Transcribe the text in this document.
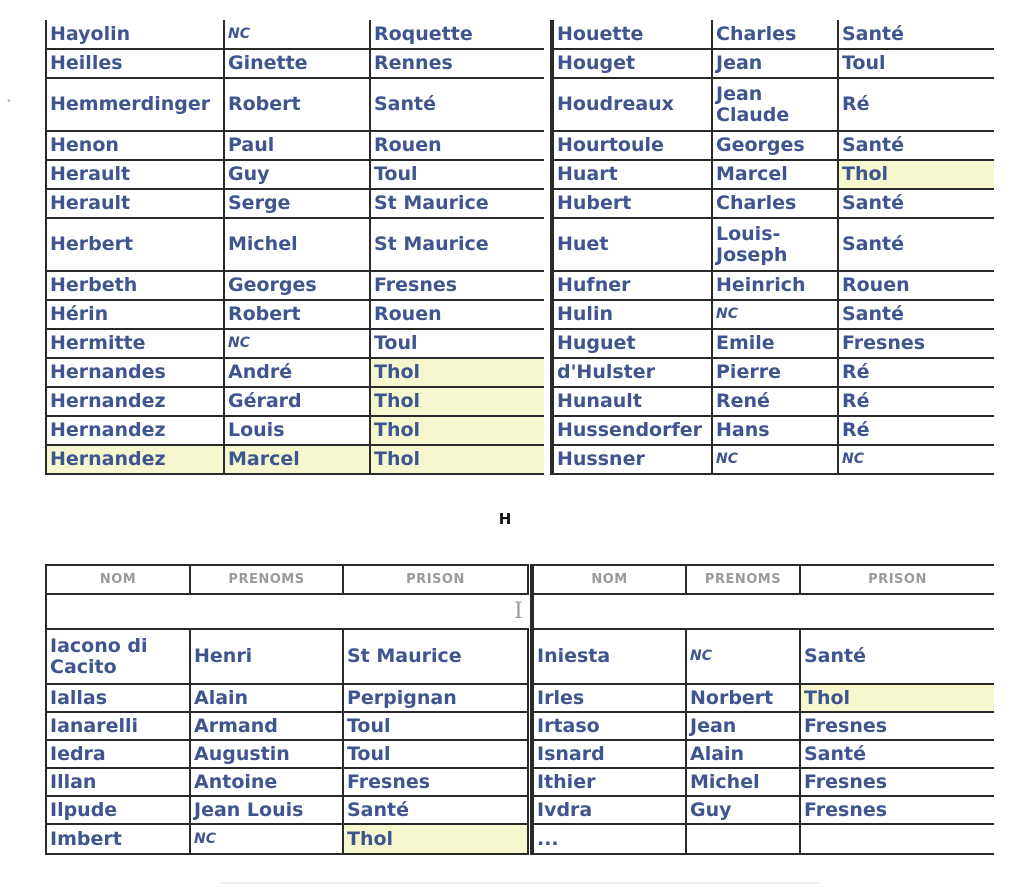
•
Hayolin	NC	Roquette
Heilles	Ginette	Rennes
Hemmerdinger	Robert	Santé
Henon	Paul	Rouen
Herault	Guy	Toul
Herault	Serge	St Maurice
Herbert	Michel	St Maurice
Herbeth	Georges	Fresnes
Hérin	Robert	Rouen
Hermitte	NC	Toul
Hernandes	André	Thol
Hernandez	Gérard	Thol
Hernandez	Louis	Thol
Hernandez	Marcel	Thol
Houette	Charles	Santé
Houget	Jean	Toul
Houdreaux	Jean Claude	Ré
Hourtoule	Georges	Santé
Huart	Marcel	Thol
Hubert	Charles	Santé
Huet	Louis-Joseph	Santé
Hufner	Heinrich	Rouen
Hulin	NC	Santé
Huguet	Emile	Fresnes
d'Hulster	Pierre	Ré
Hunault	René	Ré
Hussendorfer	Hans	Ré
Hussner	NC	NC
H
NOM	PRENOMS	PRISON

Iacono di Cacito	Henri	St Maurice
Iallas	Alain	Perpignan
Ianarelli	Armand	Toul
Iedra	Augustin	Toul
Illan	Antoine	Fresnes
Ilpude	Jean Louis	Santé
Imbert	NC	Thol
NOM	PRENOMS	PRISON

Iniesta	NC	Santé
Irles	Norbert	Thol
Irtaso	Jean	Fresnes
Isnard	Alain	Santé
Ithier	Michel	Fresnes
Ivdra	Guy	Fresnes
...		
I
